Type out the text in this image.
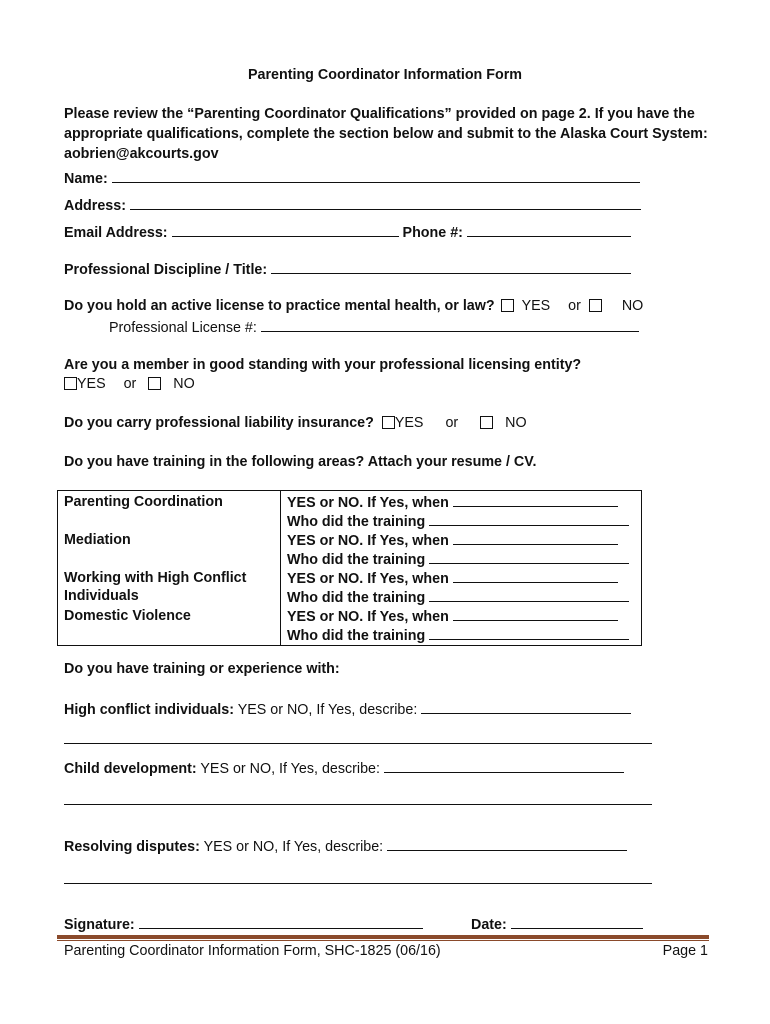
Parenting Coordinator Information Form
Please review the “Parenting Coordinator Qualifications” provided on page 2. If you have the appropriate qualifications, complete the section below and submit to the Alaska Court System: aobrien@akcourts.gov
Name:
Address:
Email Address:	Phone #:
Professional Discipline / Title:
Do you hold an active license to practice mental health, or law? YES or	NO
Professional License #:
Are you a member in good standing with your professional licensing entity?
YES or	NO
Do you carry professional liability insurance? YES or	NO
Do you have training in the following areas? Attach your resume / CV.
Parenting Coordination	YES or NO. If Yes, when
Who did the training
Mediation	YES or NO. If Yes, when
Who did the training
Working with High Conflict Individuals	YES or NO. If Yes, when
Who did the training
Domestic Violence	YES or NO. If Yes, when
Who did the training
Do you have training or experience with:
High conflict individuals: YES or NO, If Yes, describe:
Child development: YES or NO, If Yes, describe:
Resolving disputes: YES or NO, If Yes, describe:
Signature:	Date:
Parenting Coordinator Information Form, SHC-1825 (06/16)	Page 1
